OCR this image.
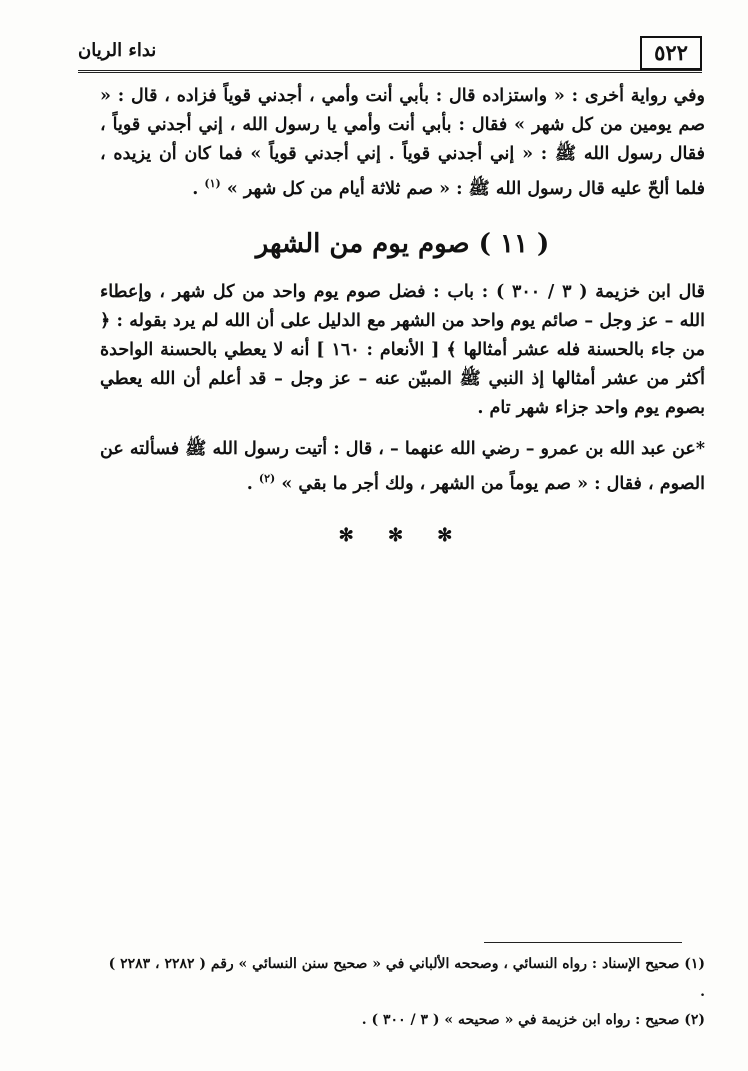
٥٢٢
نداء الريان

وفي رواية أخرى : « واستزاده قال : بأبي أنت وأمي ، أجدني قوياً فزاده ، قال : « صم يومين من كل شهر » فقال : بأبي أنت وأمي يا رسول الله ، إني أجدني قوياً ، فقال رسول الله ﷺ : « إني أجدني قوياً . إني أجدني قوياً » فما كان أن يزيده ، فلما ألحّ عليه قال رسول الله ﷺ : « صم ثلاثة أيام من كل شهر » $^{(١)}$ .

( ١١ ) صوم يوم من الشهر

قال ابن خزيمة ( ٣ / ٣٠٠ ) : باب : فضل صوم يوم واحد من كل شهر ، وإعطاء الله – عز وجل – صائم يوم واحد من الشهر مع الدليل على أن الله لم يرد بقوله : ﴿ من جاء بالحسنة فله عشر أمثالها ﴾ [ الأنعام : ١٦٠ ] أنه لا يعطي بالحسنة الواحدة أكثر من عشر أمثالها إذ النبي ﷺ المبيّن عنه – عز وجل – قد أعلم أن الله يعطي بصوم يوم واحد جزاء شهر تام .

*عن عبد الله بن عمرو – رضي الله عنهما – ، قال : أتيت رسول الله ﷺ فسألته عن الصوم ، فقال : « صم يوماً من الشهر ، ولك أجر ما بقي » $^{(٢)}$ .

✻ ✻ ✻
(١) صحيح الإسناد : رواه النسائي ، وصححه الألباني في « صحيح سنن النسائي » رقم ( ٢٢٨٢ ، ٢٢٨٣ ) .
(٢) صحيح : رواه ابن خزيمة في « صحيحه » ( ٣ / ٣٠٠ ) .
